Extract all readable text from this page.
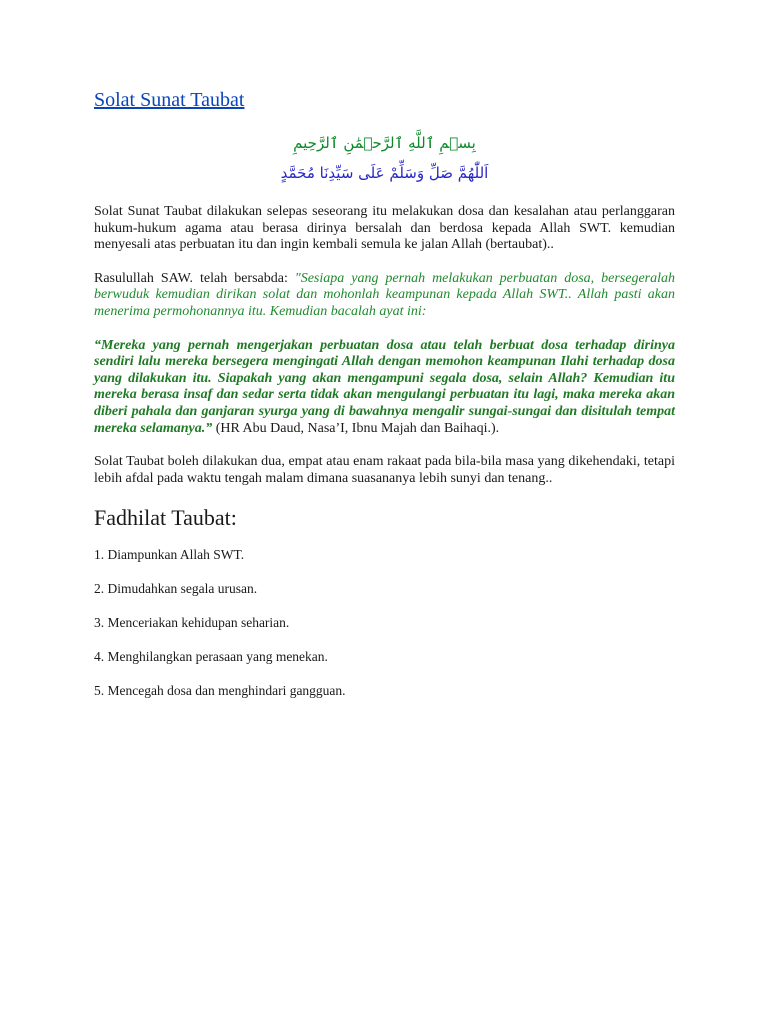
Solat Sunat Taubat

بِسۡمِ ٱللَّهِ ٱلرَّحۡمَٰنِ ٱلرَّحِيمِ

اَللّٰهُمَّ صَلِّ وَسَلِّمْ عَلَى سَيِّدِنَا مُحَمَّدٍ

Solat Sunat Taubat dilakukan selepas seseorang itu melakukan dosa dan kesalahan atau perlanggaran hukum-hukum agama atau berasa dirinya bersalah dan berdosa kepada Allah SWT. kemudian menyesali atas perbuatan itu dan ingin kembali semula ke jalan Allah (bertaubat)..

Rasulullah SAW. telah bersabda: "Sesiapa yang pernah melakukan perbuatan dosa, bersegeralah berwuduk kemudian dirikan solat dan mohonlah keampunan kepada Allah SWT.. Allah pasti akan menerima permohonannya itu. Kemudian bacalah ayat ini:

“Mereka yang pernah mengerjakan perbuatan dosa atau telah berbuat dosa terhadap dirinya sendiri lalu mereka bersegera mengingati Allah dengan memohon keampunan Ilahi terhadap dosa yang dilakukan itu. Siapakah yang akan mengampuni segala dosa, selain Allah? Kemudian itu mereka berasa insaf dan sedar serta tidak akan mengulangi perbuatan itu lagi, maka mereka akan diberi pahala dan ganjaran syurga yang di bawahnya mengalir sungai-sungai dan disitulah tempat mereka selamanya.” (HR Abu Daud, Nasa’I, Ibnu Majah dan Baihaqi.).

Solat Taubat boleh dilakukan dua, empat atau enam rakaat pada bila-bila masa yang dikehendaki, tetapi lebih afdal pada waktu tengah malam dimana suasananya lebih sunyi dan tenang..

Fadhilat Taubat:
1. Diampunkan Allah SWT.
2. Dimudahkan segala urusan.
3. Menceriakan kehidupan seharian.
4. Menghilangkan perasaan yang menekan.
5. Mencegah dosa dan menghindari gangguan.
